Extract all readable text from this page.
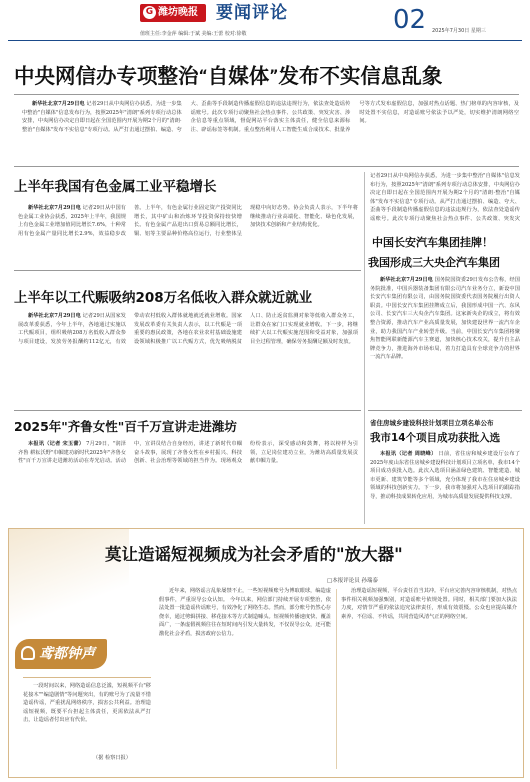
G 潍坊晚报 要闻评论	02 2025年7月30日 星期三
值班主任:李金萍 编辑:于斌 美编:王蕾 校对:徐敬
中央网信办专项整治“自媒体”发布不实信息乱象
新华社北京7月29日电 记者29日从中央网信办获悉，为进一步集中整治"自媒体"信息发布行为，按照2025年"清朗"系列专项行动总体安排，中央网信办决定自即日起在全国范围内开展为期2个月的"清朗·整治"自媒体"发布不实信息"专项行动。从严打击通过摆拍、编造、夸大、歪曲等手段制造传播虚假信息的违法违规行为，依法查处造谣传谣账号。此次专项行动聚焦社会热点事件、公共政策、突发灾害、涉企信息等重点领域，督促网站平台落实主体责任，健全信息来源标注、辟谣标签等机制。重点整治利用人工智能生成合成技术、批量养号等方式发布虚假信息，加强对热点话题、热门榜单的内容审核，及时处置不实信息，对造谣账号依法予以严处，切实维护清朗网络空间。
上半年我国有色金属工业平稳增长
新华社北京7月29日电 记者29日从中国有色金属工业协会获悉，2025年上半年，我国规上有色金属工业增加值同比增长7.6%，十种常用有色金属产量同比增长2.9%，效益稳步改善。上半年，有色金属行业固定资产投资同比增长，其中矿山和冶炼环节投资保持较快增长。有色金属产品进出口贸易总额同比增长，铜、铝等主要品种价格高位运行，行业整体呈现稳中向好态势。协会负责人表示，下半年将继续推动行业高端化、智能化、绿色化发展，加快技术创新和产业结构优化。
上半年以工代赈吸纳208万名低收入群众就近就业
新华社北京7月29日电 记者29日从国家发展改革委获悉，今年上半年，各地通过实施以工代赈项目，组织吸纳208万名低收入群众参与项目建设，发放劳务报酬约112亿元，有效带动农村低收入群体就地就近就业增收。国家发展改革委有关负责人表示，以工代赈是一项重要的惠民政策，各地在农业农村基础设施建设领域积极推广以工代赈方式，优先吸纳脱贫人口、防止返贫监测对象等低收入群众务工，让群众在家门口实现就业增收。下一步，将继续扩大以工代赈实施范围和受益对象，加强项目全过程管理，确保劳务报酬足额及时发放。
2025年"齐鲁女性"百千万宣讲走进潍坊
本报讯（记者 宋玉蕾） 7月29日，"润泽齐鲁 耕耘沃野"巾帼建功新时代2025年"齐鲁女性"百千万宣讲走进潍坊活动在寿光启动。活动中，宣讲员结合自身经历，讲述了新时代巾帼奋斗故事，展现了齐鲁女性在乡村振兴、科技创新、社会治理等领域的担当作为。现场观众纷纷表示，深受感动和鼓舞，将以榜样为引领，立足岗位建功立业，为潍坊高质量发展贡献巾帼力量。
记者29日从中央网信办获悉，为进一步集中整治"自媒体"信息发布行为，按照2025年"清朗"系列专项行动总体安排，中央网信办决定自即日起在全国范围内开展为期2个月的"清朗·整治"自媒体"发布不实信息"专项行动。从严打击通过摆拍、编造、夸大、歪曲等手段制造传播虚假信息的违法违规行为，依法查处造谣传谣账号。此次专项行动聚焦社会热点事件、公共政策、突发灾
中国长安汽车集团挂牌！
我国形成三大央企汽车集团
新华社北京7月29日电 国务院国资委29日发布公告称，经国务院批准，中国兵器装备集团有限公司汽车业务分立，新设中国长安汽车集团有限公司，由国务院国资委代表国务院履行出资人职责。中国长安汽车集团挂牌成立后，我国形成中国一汽、东风公司、长安汽车三大央企汽车集团。这家新央企的成立，将有效整合资源，推动汽车产业高质量发展，加快建设世界一流汽车企业，助力我国汽车产业转型升级。当前，中国长安汽车集团将聚焦智能网联新能源汽车主赛道，加快核心技术攻关，提升自主品牌竞争力，推进海外市场布局，着力打造具有全球竞争力的世界一流汽车品牌。
省住房城乡建设科技计划项目立项名单公布
我市14个项目成功获批入选
本报讯（记者 周晓峰） 日前，省住房和城乡建设厅公布了2025年度山东省住房城乡建设科技计划项目立项名单，我市14个项目成功获批入选。此次入选项目涵盖绿色建筑、智能建造、城市更新、建筑节能等多个领域，充分体现了我市在住房城乡建设领域的科技创新实力。下一步，我市将加强对入选项目的跟踪指导，推动科技成果转化应用，为城市高质量发展提供科技支撑。
鸢都钟声
莫让造谣短视频成为社会矛盾的"放大器"
□本报评论员 孙瑞泰
一段时间以来，网络造谣信息泛滥，短视频平台"移花接木""编造剧情"等问题突出，有的账号为了流量不惜造谣传谣，严重扰乱网络秩序，损害公共利益。治理造谣短视频，既要平台担起主体责任，更需依法从严打击，让造谣者付出应有代价。
（据 检察日报）
近年来，网络谣言乱象屡禁不止，一些短视频账号为博取眼球，编造虚假事件，严重误导公众认知。 今年以来，网信部门持续开展专项整治，依法处置一批造谣传谣账号，有效净化了网络生态。然而，部分账号仍然心存侥幸，通过剪辑拼接、移花接木等方式制造噱头。短视频传播速度快、覆盖面广，一条虚假视频往往在短时间内引发大量转发，不仅误导公众，还可能激化社会矛盾，损害政府公信力。
治理造谣短视频，平台责任首当其冲。平台应完善内容审核机制，对热点事件相关视频加强甄别，对造谣账号依规处置。同时，相关部门要加大执法力度，对情节严重的依法追究法律责任，形成有效震慑。公众也应提高媒介素养，不信谣、不传谣，共同营造风清气正的网络空间。
